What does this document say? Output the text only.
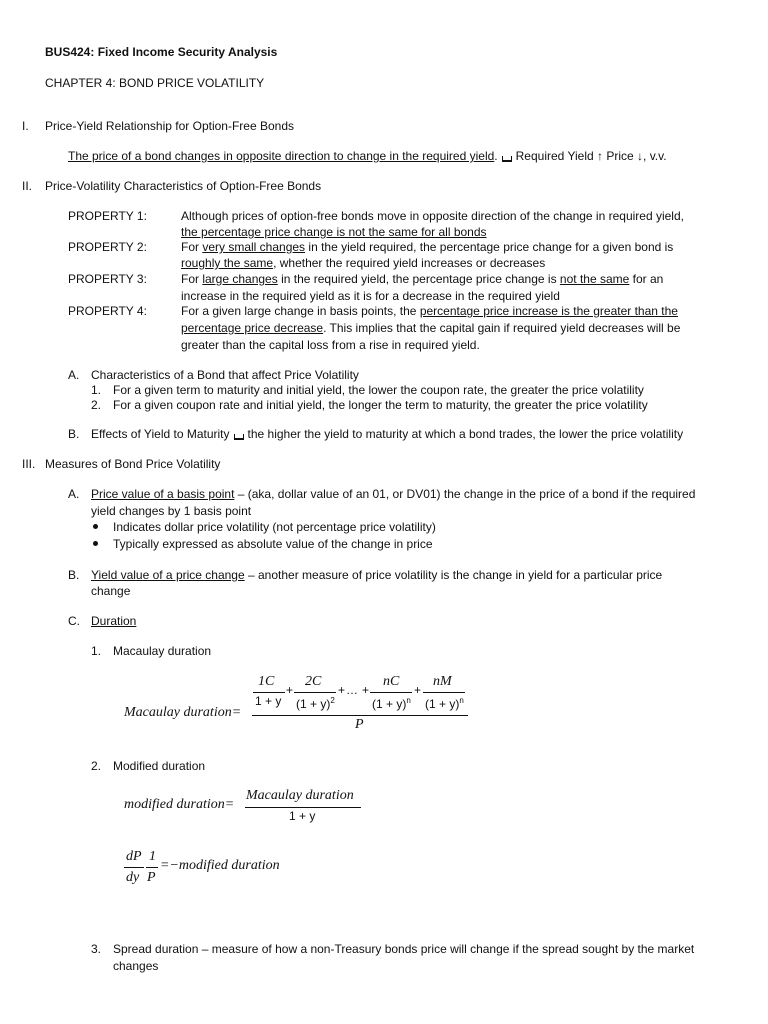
BUS424: Fixed Income Security Analysis
CHAPTER 4: BOND PRICE VOLATILITY
I. Price-Yield Relationship for Option-Free Bonds
The price of a bond changes in opposite direction to change in the required yield. Required Yield ↑ Price ↓, v.v.
II. Price-Volatility Characteristics of Option-Free Bonds
PROPERTY 1:	Although prices of option-free bonds move in opposite direction of the change in required yield,
the percentage price change is not the same for all bonds
PROPERTY 2:	For very small changes in the yield required, the percentage price change for a given bond is
roughly the same, whether the required yield increases or decreases
PROPERTY 3:	For large changes in the required yield, the percentage price change is not the same for an
increase in the required yield as it is for a decrease in the required yield
PROPERTY 4:	For a given large change in basis points, the percentage price increase is the greater than the
percentage price decrease. This implies that the capital gain if required yield decreases will be
greater than the capital loss from a rise in required yield.
A. Characteristics of a Bond that affect Price Volatility
1. For a given term to maturity and initial yield, the lower the coupon rate, the greater the price volatility
2. For a given coupon rate and initial yield, the longer the term to maturity, the greater the price volatility
B. Effects of Yield to Maturity the higher the yield to maturity at which a bond trades, the lower the price volatility
III. Measures of Bond Price Volatility
A. Price value of a basis point – (aka, dollar value of an 01, or DV01) the change in the price of a bond if the required
yield changes by 1 basis point
Indicates dollar price volatility (not percentage price volatility)
Typically expressed as absolute value of the change in price
B. Yield value of a price change – another measure of price volatility is the change in yield for a particular price
change
C. Duration
1. Macaulay duration
Macaulay duration=
1C
1 + y
+
2C
$(1 + y)^2$
+ … +
nC
$(1 + y)^n$
+
nM
$(1 + y)^n$
P
2. Modified duration
modified duration=
Macaulay duration
1 + y
dP
dy
1
P
=−modified duration
3. Spread duration – measure of how a non-Treasury bonds price will change if the spread sought by the market
changes
